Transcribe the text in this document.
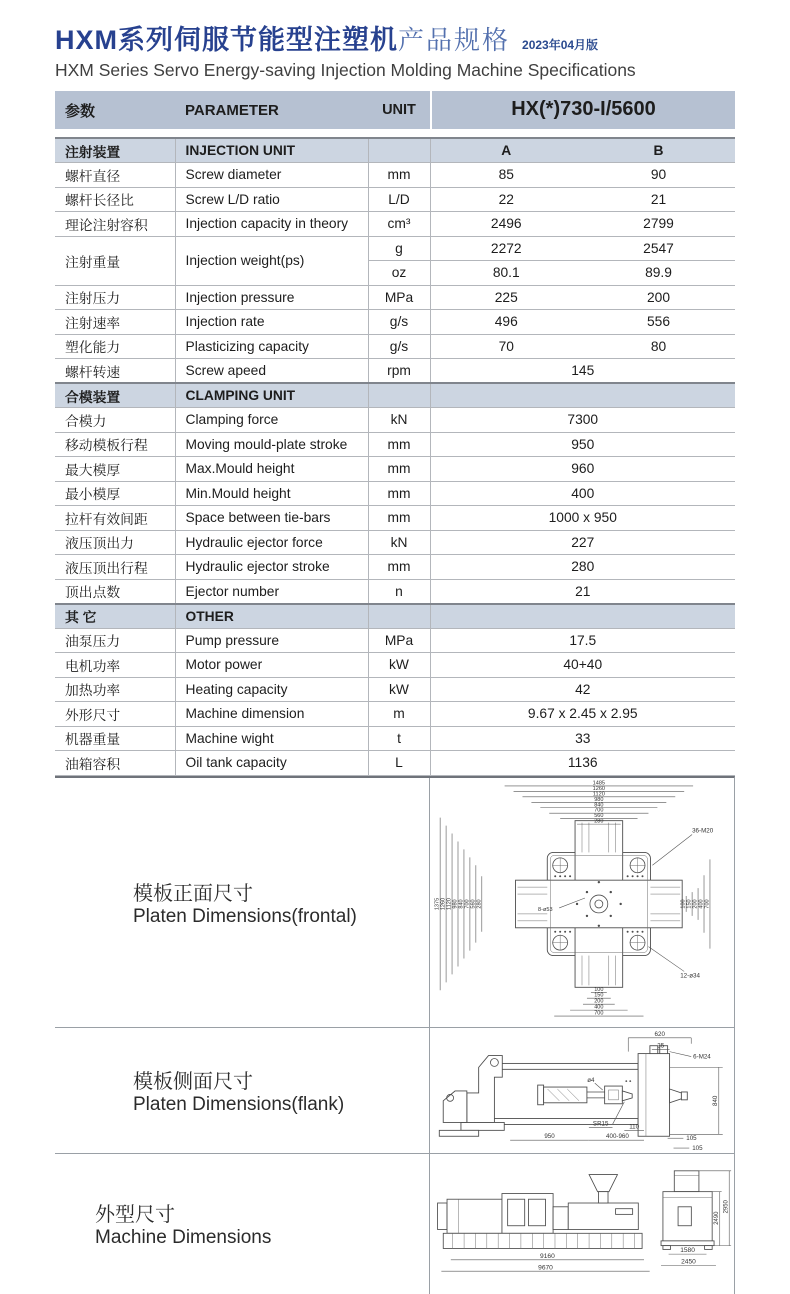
HXM系列伺服节能型注塑机 产品规格 2023年04月版
HXM Series Servo Energy-saving Injection Molding Machine Specifications
参数	PARAMETER	UNIT	HX(*)730-I/5600
注射装置	INJECTION UNIT		A	B
螺杆直径	Screw diameter	mm	85	90
螺杆长径比	Screw L/D ratio	L/D	22	21
理论注射容积	Injection capacity in theory	cm³	2496	2799
注射重量	Injection weight(ps)	g	2272	2547
		oz	80.1	89.9
注射压力	Injection pressure	MPa	225	200
注射速率	Injection rate	g/s	496	556
塑化能力	Plasticizing capacity	g/s	70	80
螺杆转速	Screw apeed	rpm	145	
合模装置	CLAMPING UNIT			
合模力	Clamping force	kN	7300	
移动模板行程	Moving mould-plate stroke	mm	950	
最大模厚	Max.Mould height	mm	960	
最小模厚	Min.Mould height	mm	400	
拉杆有效间距	Space between tie-bars	mm	1000 x 950	
液压顶出力	Hydraulic ejector force	kN	227	
液压顶出行程	Hydraulic ejector stroke	mm	280	
顶出点数	Ejector number	n	21	
其 它	OTHER			
油泵压力	Pump pressure	MPa	17.5	
电机功率	Motor power	kW	40+40	
加热功率	Heating capacity	kW	42	
外形尺寸	Machine dimension	m	9.67 x 2.45 x 2.95	
机器重量	Machine wight	t	33	
油箱容积	Oil tank capacity	L	1136	
模板正面尺寸
Platen Dimensions(frontal)
1485
1260
1120
980
840
700
560
280
1375 1260 1120 980 840 700 560 280	100 150 200 400 700
100
150
200
400
700
36-M20
12-ø34
8-ø53
模板侧面尺寸
Platen Dimensions(flank)
620
35
6-M24
ø4
SR15
840
110
950	400-960	105
105
外型尺寸
Machine Dimensions
9160
9670
1580
2450
2490
2950
